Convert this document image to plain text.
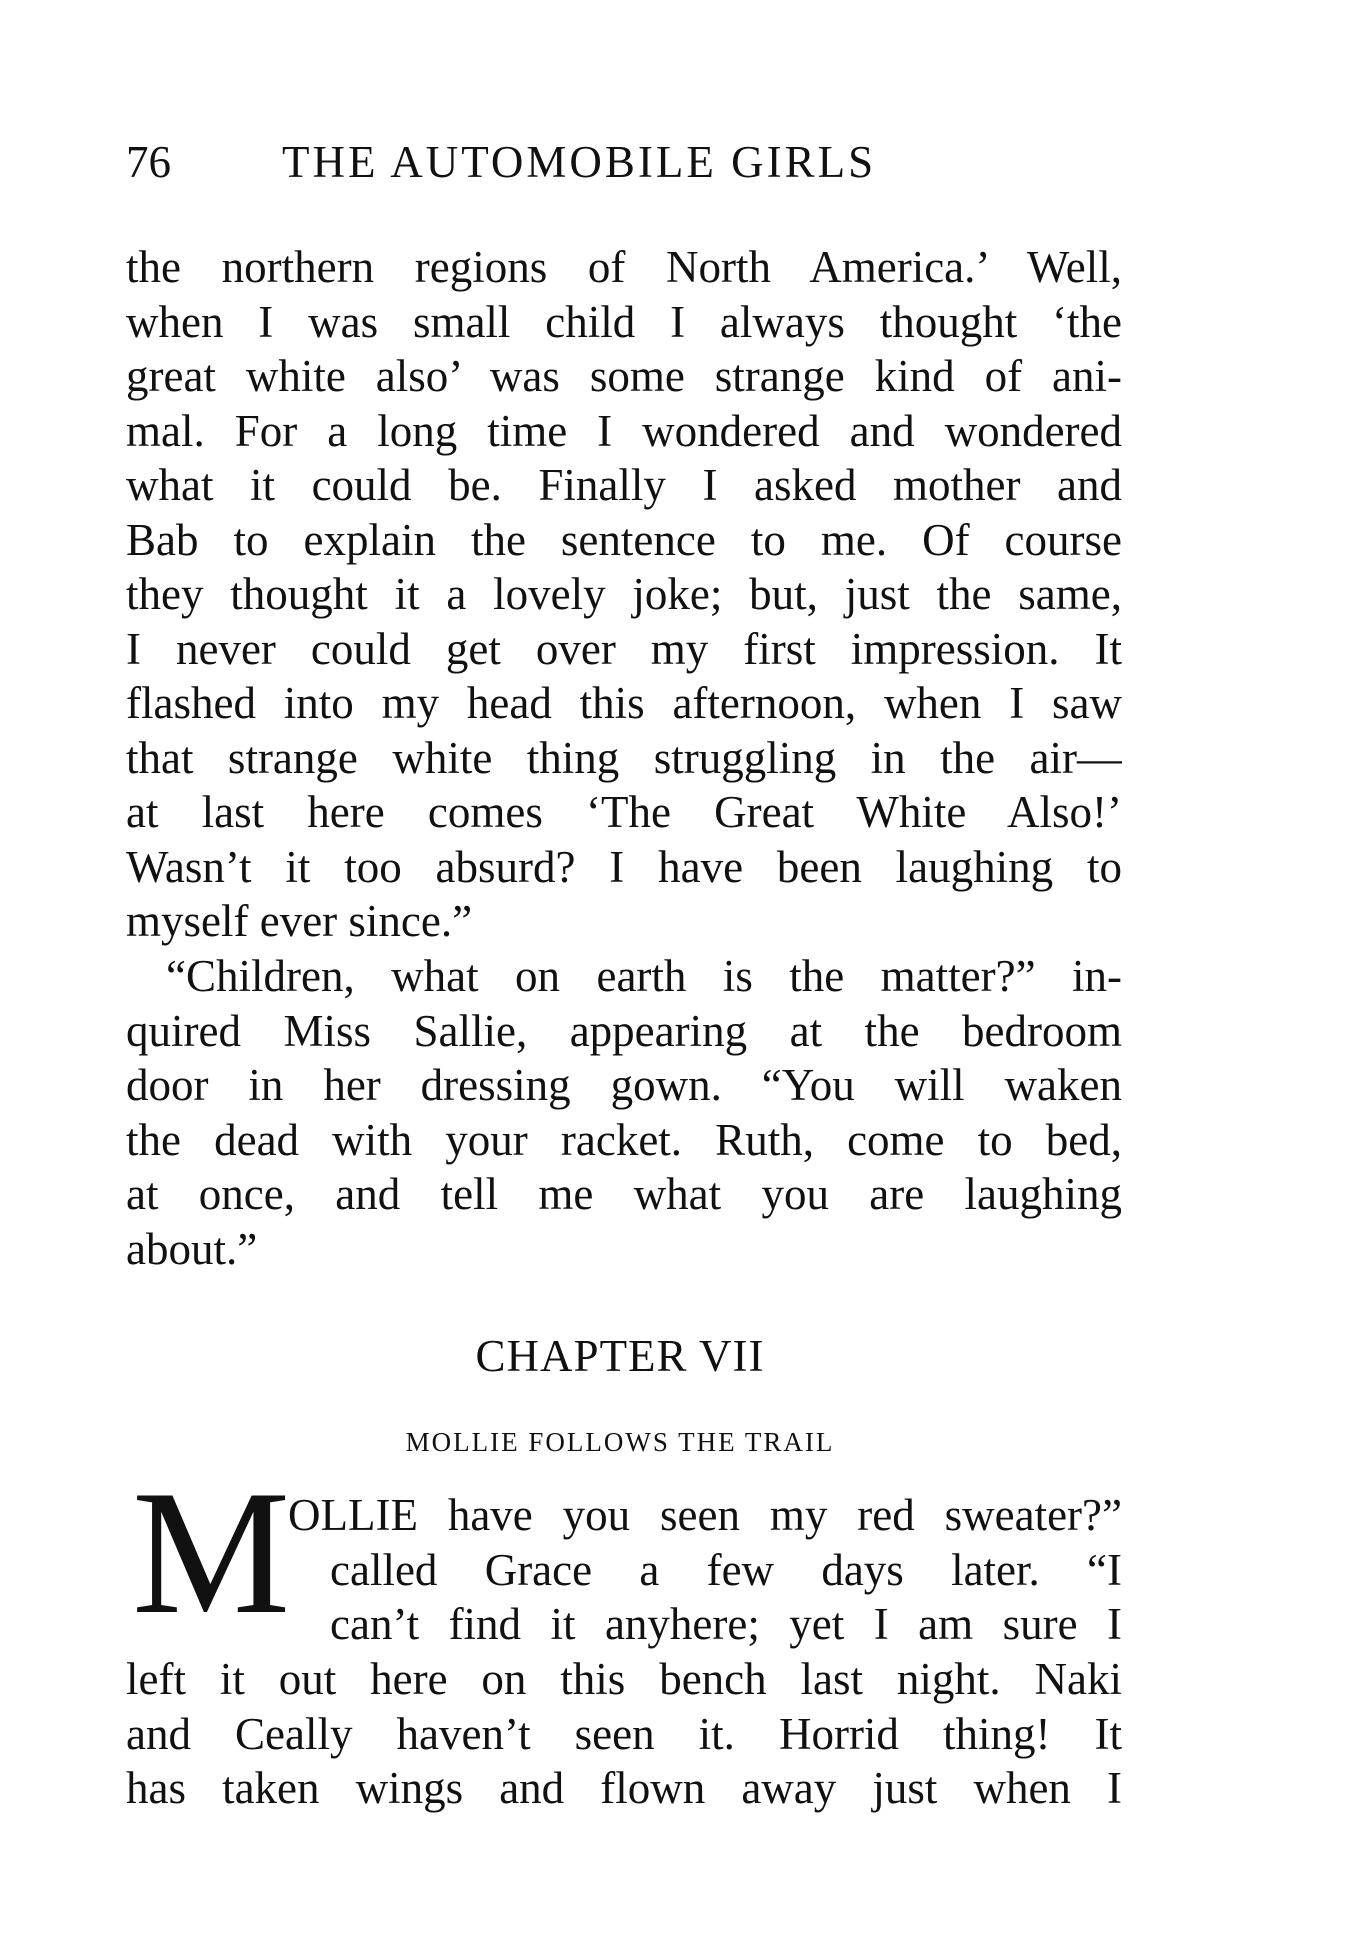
76 THE AUTOMOBILE GIRLS
the northern regions of North America.’ Well,
when I was small child I always thought ‘the
great white also’ was some strange kind of ani-
mal. For a long time I wondered and wondered
what it could be. Finally I asked mother and
Bab to explain the sentence to me. Of course
they thought it a lovely joke; but, just the same,
I never could get over my first impression. It
flashed into my head this afternoon, when I saw
that strange white thing struggling in the air—
at last here comes ‘The Great White Also!’
Wasn’t it too absurd? I have been laughing to
myself ever since.”
“Children, what on earth is the matter?” in-
quired Miss Sallie, appearing at the bedroom
door in her dressing gown. “You will waken
the dead with your racket. Ruth, come to bed,
at once, and tell me what you are laughing
about.”
CHAPTER VII
MOLLIE FOLLOWS THE TRAIL
M
OLLIE have you seen my red sweater?”
called Grace a few days later. “I
can’t find it anyhere; yet I am sure I
left it out here on this bench last night. Naki
and Ceally haven’t seen it. Horrid thing! It
has taken wings and flown away just when I
